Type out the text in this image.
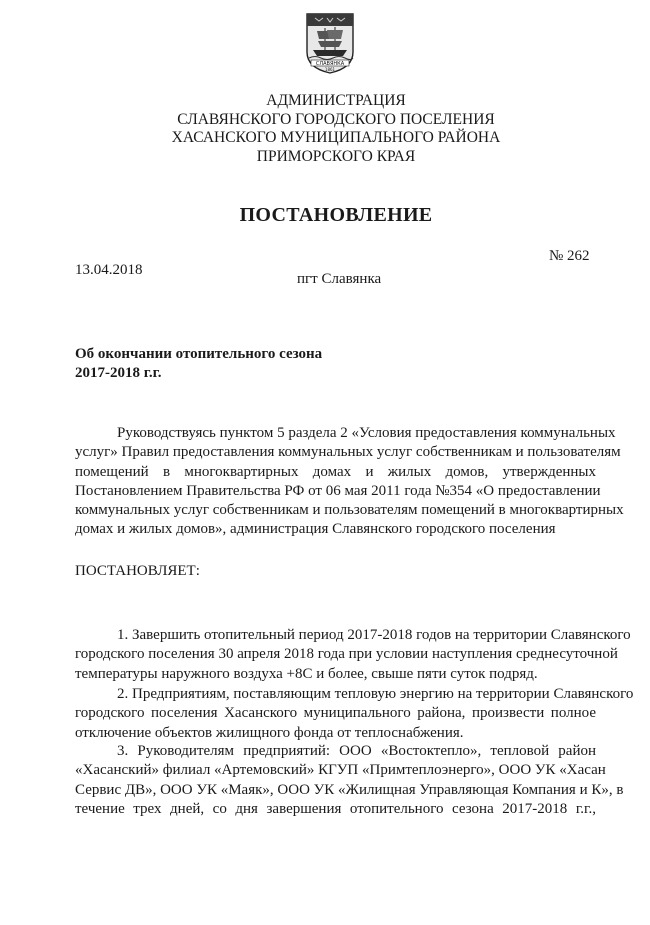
СЛАВЯНКА
1861
АДМИНИСТРАЦИЯ
СЛАВЯНСКОГО ГОРОДСКОГО ПОСЕЛЕНИЯ
ХАСАНСКОГО МУНИЦИПАЛЬНОГО РАЙОНА
ПРИМОРСКОГО КРАЯ
ПОСТАНОВЛЕНИЕ
13.04.2018
№ 262
пгт Славянка
Об окончании отопительного сезона
2017-2018 г.г.
Руководствуясь пунктом 5 раздела 2 «Условия предоставления коммунальных
услуг» Правил предоставления коммунальных услуг собственникам и пользователям
помещений в многоквартирных домах и жилых домов, утвержденных
Постановлением Правительства РФ от 06 мая 2011 года №354 «О предоставлении
коммунальных услуг собственникам и пользователям помещений в многоквартирных
домах и жилых домов», администрация Славянского городского поселения
ПОСТАНОВЛЯЕТ:
1. Завершить отопительный период 2017-2018 годов на территории Славянского
городского поселения 30 апреля 2018 года при условии наступления среднесуточной
температуры наружного воздуха +8С и более, свыше пяти суток подряд.
2. Предприятиям, поставляющим тепловую энергию на территории Славянского
городского поселения Хасанского муниципального района, произвести полное
отключение объектов жилищного фонда от теплоснабжения.
3. Руководителям предприятий: ООО «Востоктепло», тепловой район
«Хасанский» филиал «Артемовский» КГУП «Примтеплоэнерго», ООО УК «Хасан
Сервис ДВ», ООО УК «Маяк», ООО УК «Жилищная Управляющая Компания и К», в
течение трех дней, со дня завершения отопительного сезона 2017-2018 г.г.,
